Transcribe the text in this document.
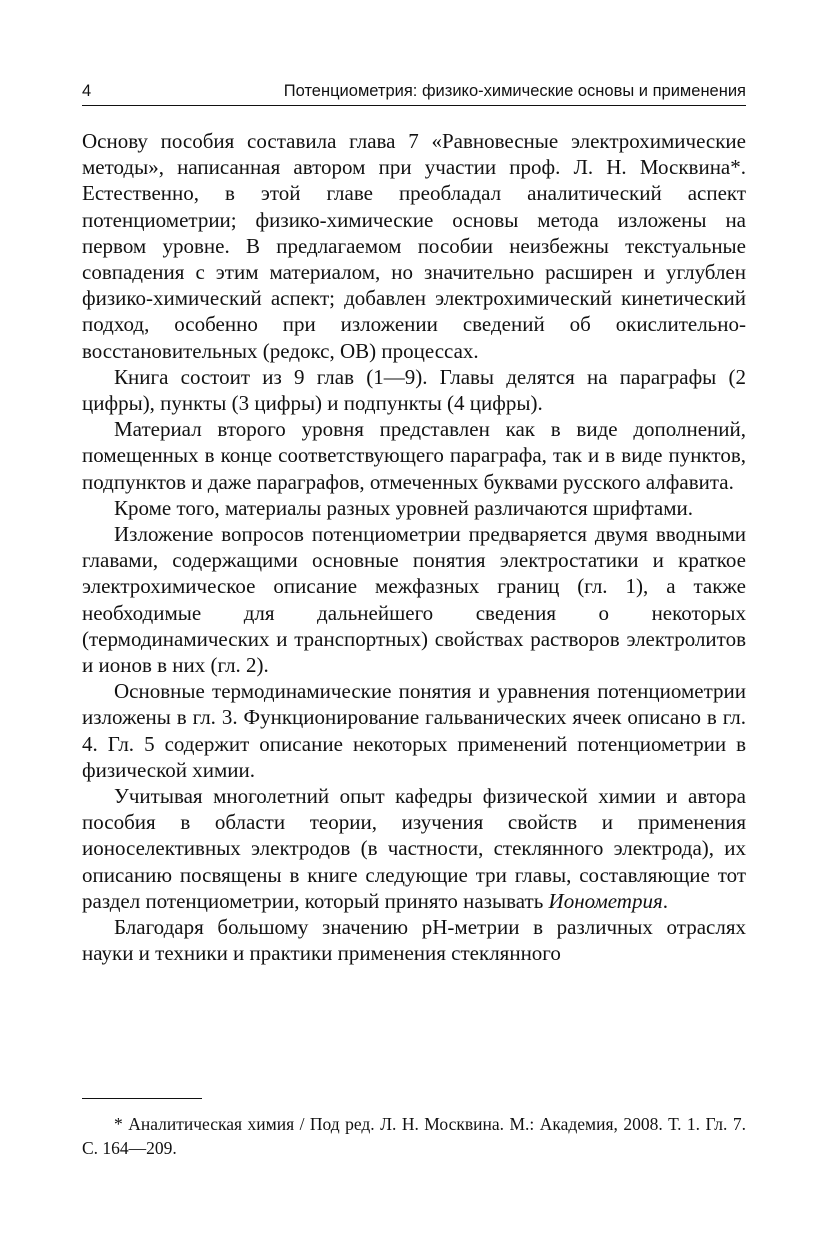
4	Потенциометрия: физико-химические основы и применения

Основу пособия составила глава 7 «Равновесные электрохимические методы», написанная автором при участии проф. Л. Н. Москвина*. Естественно, в этой главе преобладал аналитический аспект потенциометрии; физико-химические основы метода изложены на первом уровне. В предлагаемом пособии неизбежны текстуальные совпадения с этим материалом, но значительно расширен и углублен физико-химический аспект; добавлен электрохимический кинетический подход, особенно при изложении сведений об окислительно-восстановительных (редокс, ОВ) процессах.

Книга состоит из 9 глав (1—9). Главы делятся на параграфы (2 цифры), пункты (3 цифры) и подпункты (4 цифры).

Материал второго уровня представлен как в виде дополнений, помещенных в конце соответствующего параграфа, так и в виде пунктов, подпунктов и даже параграфов, отмеченных буквами русского алфавита.

Кроме того, материалы разных уровней различаются шрифтами.

Изложение вопросов потенциометрии предваряется двумя вводными главами, содержащими основные понятия электростатики и краткое электрохимическое описание межфазных границ (гл. 1), а также необходимые для дальнейшего сведения о некоторых (термодинамических и транспортных) свойствах растворов электролитов и ионов в них (гл. 2).

Основные термодинамические понятия и уравнения потенциометрии изложены в гл. 3. Функционирование гальванических ячеек описано в гл. 4. Гл. 5 содержит описание некоторых применений потенциометрии в физической химии.

Учитывая многолетний опыт кафедры физической химии и автора пособия в области теории, изучения свойств и применения ионоселективных электродов (в частности, стеклянного электрода), их описанию посвящены в книге следующие три главы, составляющие тот раздел потенциометрии, который принято называть Ионометрия.

Благодаря большому значению pH-метрии в различных отраслях науки и техники и практики применения стеклянного

* Аналитическая химия / Под ред. Л. Н. Москвина. М.: Академия, 2008. Т. 1. Гл. 7. С. 164—209.
